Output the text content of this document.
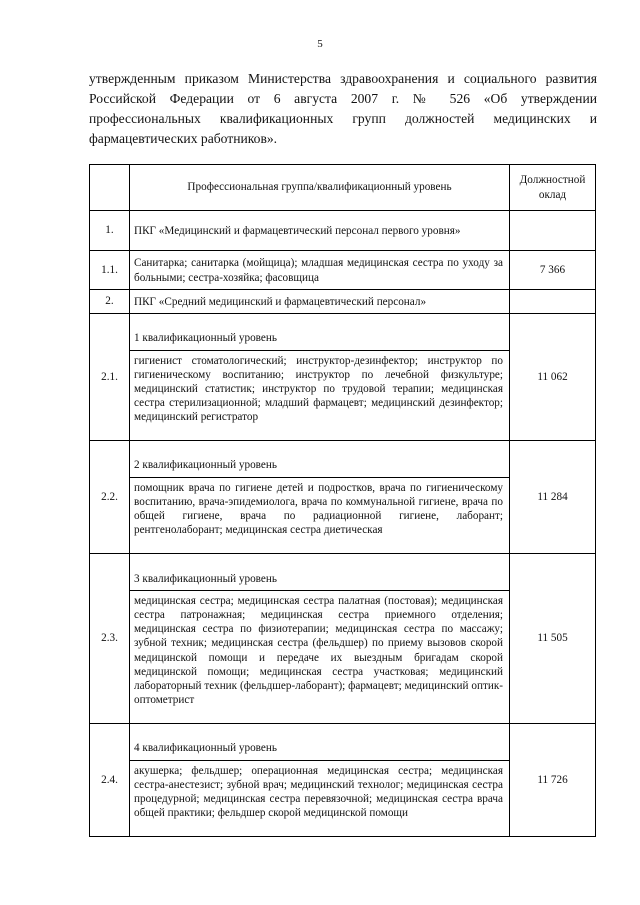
5
утвержденным приказом Министерства здравоохранения и социального развития Российской Федерации от 6 августа 2007 г. № 526 «Об утверждении профессиональных квалификационных групп должностей медицинских и фармацевтических работников».
	Профессиональная группа/квалификационный уровень	Должностной оклад
1.	ПКГ «Медицинский и фармацевтический персонал первого уровня»	
1.1.	Санитарка; санитарка (мойщица); младшая медицинская сестра по уходу за больными; сестра-хозяйка; фасовщица	7 366
2.	ПКГ «Средний медицинский и фармацевтический персонал»	
2.1.	1 квалификационный уровень
гигиенист стоматологический; инструктор-дезинфектор; инструктор по гигиеническому воспитанию; инструктор по лечебной физкультуре; медицинский статистик; инструктор по трудовой терапии; медицинская сестра стерилизационной; младший фармацевт; медицинский дезинфектор; медицинский регистратор	11 062
2.2.	2 квалификационный уровень
помощник врача по гигиене детей и подростков, врача по гигиеническому воспитанию, врача-эпидемиолога, врача по коммунальной гигиене, врача по общей гигиене, врача по радиационной гигиене, лаборант; рентгенолаборант; медицинская сестра диетическая	11 284
2.3.	3 квалификационный уровень
медицинская сестра; медицинская сестра палатная (постовая); медицинская сестра патронажная; медицинская сестра приемного отделения; медицинская сестра по физиотерапии; медицинская сестра по массажу; зубной техник; медицинская сестра (фельдшер) по приему вызовов скорой медицинской помощи и передаче их выездным бригадам скорой медицинской помощи; медицинская сестра участковая; медицинский лабораторный техник (фельдшер-лаборант); фармацевт; медицинский оптик-оптометрист	11 505
2.4.	4 квалификационный уровень
акушерка; фельдшер; операционная медицинская сестра; медицинская сестра-анестезист; зубной врач; медицинский технолог; медицинская сестра процедурной; медицинская сестра перевязочной; медицинская сестра врача общей практики; фельдшер скорой медицинской помощи	11 726
